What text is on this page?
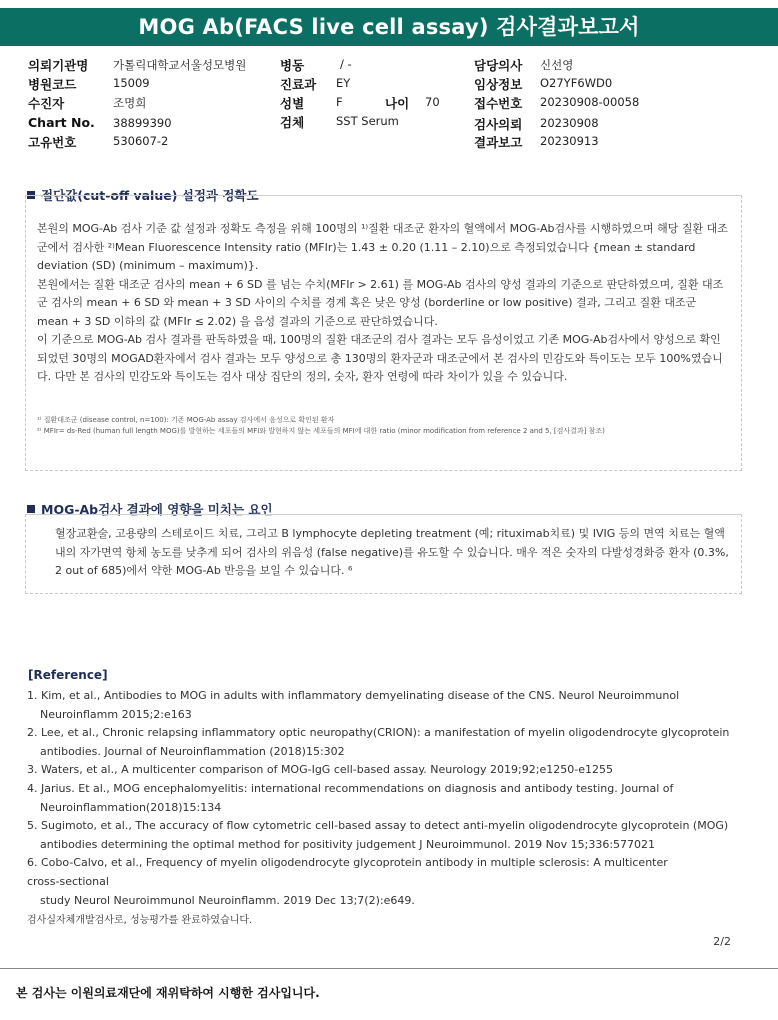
MOG Ab(FACS live cell assay) 검사결과보고서
의뢰기관명 가톨릭대학교서울성모병원
병원코드	15009
수진자	조명희
Chart No. 38899390
고유번호	530607-2
병동	/ -
진료과 EY
성별	F	나이 70
검체	SST Serum
담당의사 신선영
임상정보 O27YF6WD0
접수번호 20230908-00058
검사의뢰 20230908
결과보고 20230913
절단값(cut-off value) 설정과 정확도

본원의 MOG-Ab 검사 기준 값 설정과 정확도 측정을 위해 100명의 ¹⁾질환 대조군 환자의 혈액에서 MOG-Ab검사를 시행하였으며 해당 질환 대조군에서 검사한 ²⁾Mean Fluorescence Intensity ratio (MFIr)는 1.43 ± 0.20 (1.11 – 2.10)으로 측정되었습니다 {mean ± standard deviation (SD) (minimum – maximum)}.

본원에서는 질환 대조군 검사의 mean + 6 SD 를 넘는 수치(MFIr > 2.61) 를 MOG-Ab 검사의 양성 결과의 기준으로 판단하였으며, 질환 대조군 검사의 mean + 6 SD 와 mean + 3 SD 사이의 수치를 경계 혹은 낮은 양성 (borderline or low positive) 결과, 그리고 질환 대조군 mean + 3 SD 이하의 값 (MFIr ≤ 2.02) 을 음성 결과의 기준으로 판단하였습니다.

이 기준으로 MOG-Ab 검사 결과를 판독하였을 때, 100명의 질환 대조군의 검사 결과는 모두 음성이었고 기존 MOG-Ab검사에서 양성으로 확인되었던 30명의 MOGAD환자에서 검사 결과는 모두 양성으로 총 130명의 환자군과 대조군에서 본 검사의 민감도와 특이도는 모두 100%였습니다. 다만 본 검사의 민감도와 특이도는 검사 대상 집단의 정의, 숫자, 환자 연령에 따라 차이가 있을 수 있습니다.

¹⁾ 질환대조군 (disease control, n=100): 기존 MOG-Ab assay 검사에서 음성으로 확인된 환자

²⁾ MFIr= ds-Red (human full length MOG)를 발현하는 세포들의 MFI와 발현하지 않는 세포들의 MFI에 대한 ratio (minor modification from reference 2 and 5, [검사결과] 참조)

MOG-Ab검사 결과에 영향을 미치는 요인

혈장교환술, 고용량의 스테로이드 치료, 그리고 B lymphocyte depleting treatment (예; rituximab치료) 및 IVIG 등의 면역 치료는 혈액 내의 자가면역 항체 농도를 낮추게 되어 검사의 위음성 (false negative)를 유도할 수 있습니다. 매우 적은 숫자의 다발성경화증 환자 (0.3%, 2 out of 685)에서 약한 MOG-Ab 반응을 보일 수 있습니다. ⁶

[Reference]

1. Kim, et al., Antibodies to MOG in adults with inflammatory demyelinating disease of the CNS. Neurol Neuroimmunol

Neuroinflamm 2015;2:e163

2. Lee, et al., Chronic relapsing inflammatory optic neuropathy(CRION): a manifestation of myelin oligodendrocyte glycoprotein

antibodies. Journal of Neuroinflammation (2018)15:302

3. Waters, et al., A multicenter comparison of MOG-IgG cell-based assay. Neurology 2019;92;e1250-e1255

4. Jarius. Et al., MOG encephalomyelitis: international recommendations on diagnosis and antibody testing. Journal of

Neuroinflammation(2018)15:134

5. Sugimoto, et al., The accuracy of flow cytometric cell-based assay to detect anti-myelin oligodendrocyte glycoprotein (MOG)

antibodies determining the optimal method for positivity judgement J Neuroimmunol. 2019 Nov 15;336:577021

6. Cobo-Calvo, et al., Frequency of myelin oligodendrocyte glycoprotein antibody in multiple sclerosis: A multicenter

cross-sectional

study Neurol Neuroimmunol Neuroinflamm. 2019 Dec 13;7(2):e649.

검사실자체개발검사로, 성능평가를 완료하였습니다.

2/2
본 검사는 이원의료재단에 재위탁하여 시행한 검사입니다.
